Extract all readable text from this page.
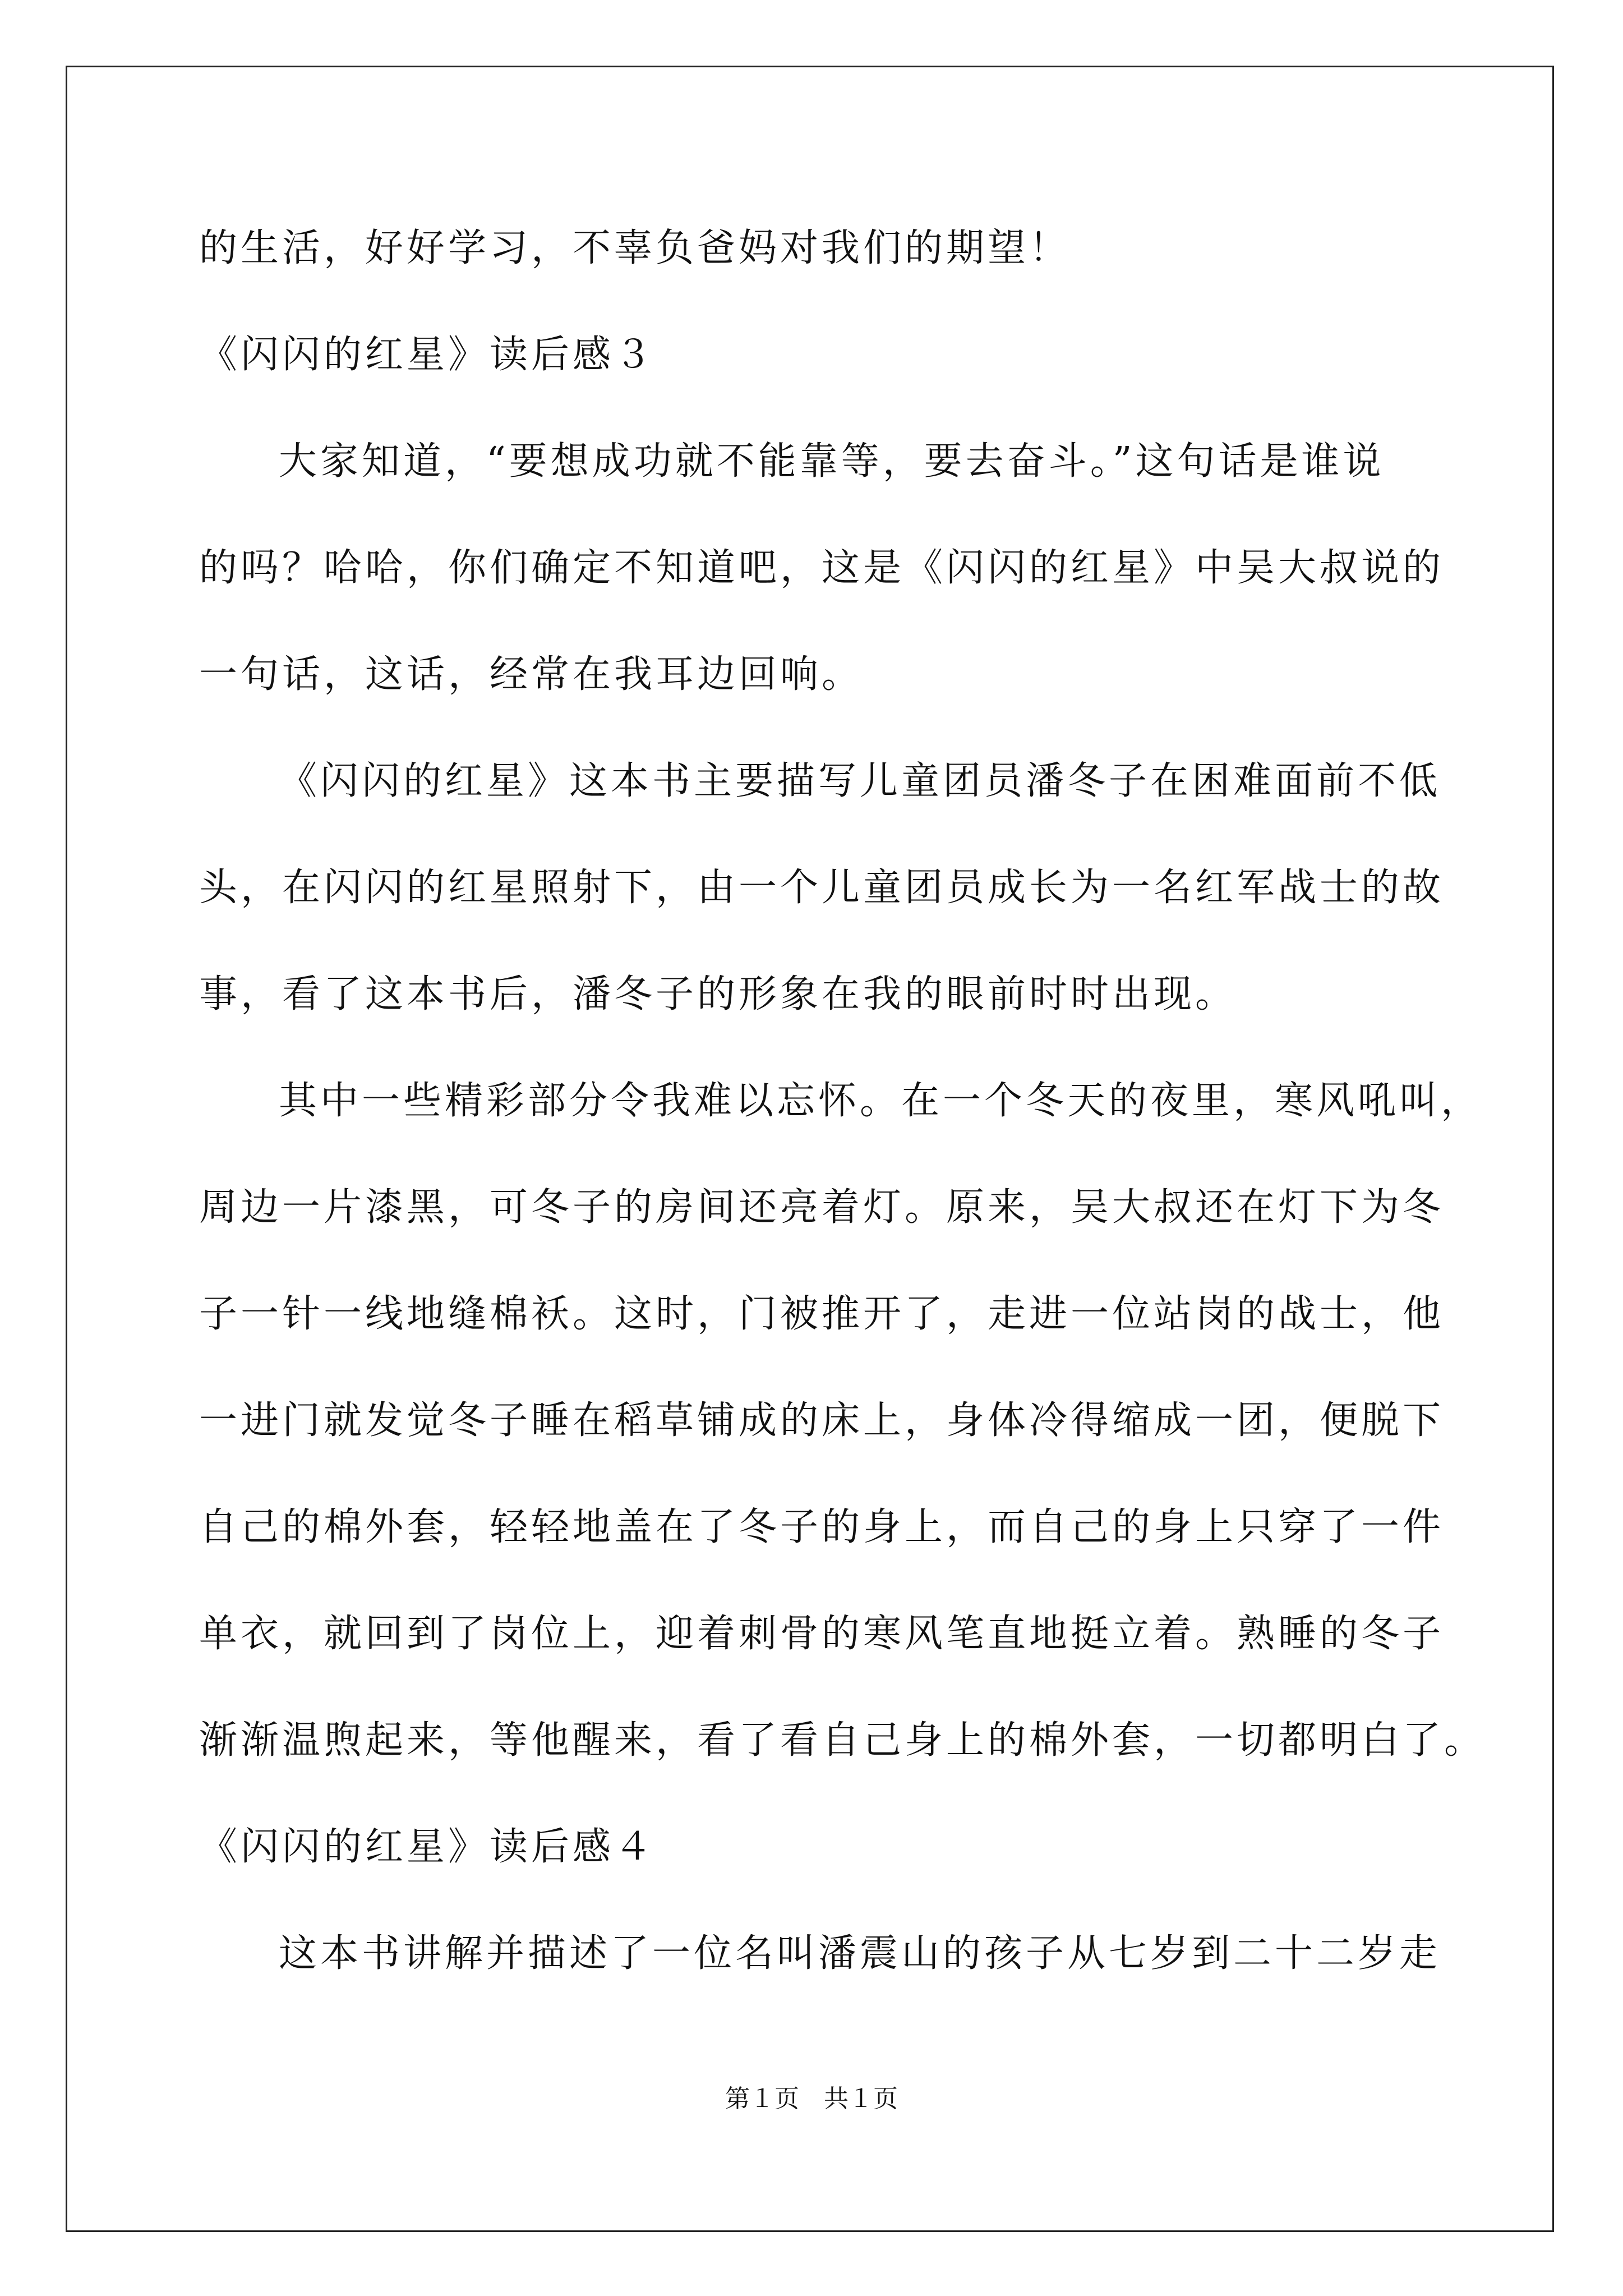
的生活，好好学习，不辜负爸妈对我们的期望！
《闪闪的红星》读后感３
大家知道，“要想成功就不能靠等，要去奋斗。”这句话是谁说
的吗？哈哈，你们确定不知道吧，这是《闪闪的红星》中吴大叔说的
一句话，这话，经常在我耳边回响。
《闪闪的红星》这本书主要描写儿童团员潘冬子在困难面前不低
头，在闪闪的红星照射下，由一个儿童团员成长为一名红军战士的故
事，看了这本书后，潘冬子的形象在我的眼前时时出现。
其中一些精彩部分令我难以忘怀。在一个冬天的夜里，寒风吼叫，
周边一片漆黑，可冬子的房间还亮着灯。原来，吴大叔还在灯下为冬
子一针一线地缝棉袄。这时，门被推开了，走进一位站岗的战士，他
一进门就发觉冬子睡在稻草铺成的床上，身体冷得缩成一团，便脱下
自己的棉外套，轻轻地盖在了冬子的身上，而自己的身上只穿了一件
单衣，就回到了岗位上，迎着刺骨的寒风笔直地挺立着。熟睡的冬子
渐渐温煦起来，等他醒来，看了看自己身上的棉外套，一切都明白了。
《闪闪的红星》读后感４
这本书讲解并描述了一位名叫潘震山的孩子从七岁到二十二岁走
第１页　共１页
